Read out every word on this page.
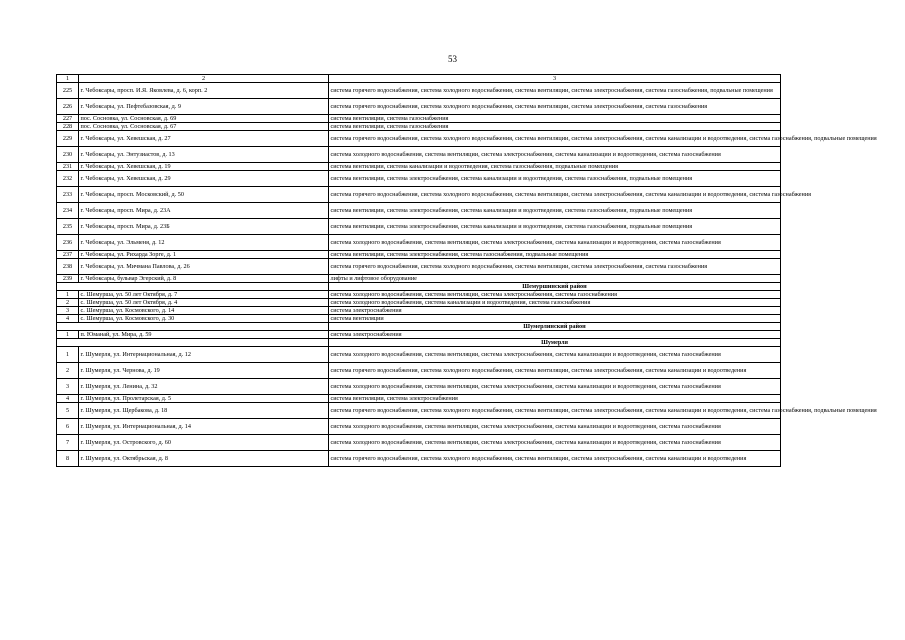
53
1	2	3
225	г. Чебоксары, просп. И.Я. Яковлева, д. 6, корп. 2	система горячего водоснабжения, система холодного водоснабжения, система вентиляции, система электроснабжения, система газоснабжения, подвальные помещения
226	г. Чебоксары, ул. Пефтебазовская, д. 9	система горячего водоснабжения, система холодного водоснабжения, система вентиляции, система электроснабжения, система газоснабжения
227	пос. Сосновка, ул. Сосновская, д. 69	система вентиляции, система газоснабжения
228	пос. Сосновка, ул. Сосновская, д. 67	система вентиляции, система газоснабжения
229	г. Чебоксары, ул. Хевешская, д. 27	система горячего водоснабжения, система холодного водоснабжения, система вентиляции, система электроснабжения, система канализации и водоотведения, система газоснабжения, подвальные помещения
230	г. Чебоксары, ул. Энтузиастов, д. 13	система холодного водоснабжения, система вентиляции, система электроснабжения, система канализации и водоотведения, система газоснабжения
231	г. Чебоксары, ул. Хевешская, д. 19	система вентиляции, система канализации и водоотведения, система газоснабжения, подвальные помещения
232	г. Чебоксары, ул. Хевешская, д. 29	система вентиляции, система электроснабжения, система канализации и водоотведения, система газоснабжения, подвальные помещения
233	г. Чебоксары, просп. Московский, д. 50	система горячего водоснабжения, система холодного водоснабжения, система вентиляции, система электроснабжения, система канализации и водоотведения, система газоснабжения
234	г. Чебоксары, просп. Мира, д. 23А	система вентиляции, система электроснабжения, система канализации и водоотведения, система газоснабжения, подвальные помещения
235	г. Чебоксары, просп. Мира, д. 23Б	система вентиляции, система электроснабжения, система канализации и водоотведения, система газоснабжения, подвальные помещения
236	г. Чебоксары, ул. Эльменя, д. 12	система холодного водоснабжения, система вентиляции, система электроснабжения, система канализации и водоотведения, система газоснабжения
237	г. Чебоксары, ул. Рихарда Зорге, д. 1	система вентиляции, система электроснабжения, система газоснабжения, подвальные помещения
238	г. Чебоксары, ул. Мичмана Павлова, д. 26	система горячего водоснабжения, система холодного водоснабжения, система вентиляции, система электроснабжения, система газоснабжения
239	г. Чебоксары, бульвар Эгерский, д. 8	лифты и лифтовое оборудование
		Шемуршинский район
1	с. Шемурша, ул. 50 лет Октября, д. 7	система холодного водоснабжения, система вентиляции, система электроснабжения, система газоснабжения
2	с. Шемурша, ул. 50 лет Октября, д. 4	система холодного водоснабжения, система канализации и водоотведения, система газоснабжения
3	с. Шемурша, ул. Космовского, д. 14	система электроснабжения
4	с. Шемурша, ул. Космовского, д. 30	система вентиляции
		Шумерлинский район
1	п. Юманай, ул. Мира, д. 59	система электроснабжения
		Шумерля
1	г. Шумерля, ул. Интернациональная, д. 12	система холодного водоснабжения, система вентиляции, система электроснабжения, система канализации и водоотведения, система газоснабжения
2	г. Шумерля, ул. Чернова, д. 19	система горячего водоснабжения, система холодного водоснабжения, система вентиляции, система электроснабжения, система канализации и водоотведения
3	г. Шумерля, ул. Ленина, д. 32	система холодного водоснабжения, система вентиляции, система электроснабжения, система канализации и водоотведения, система газоснабжения
4	г. Шумерля, ул. Пролетарская, д. 5	система вентиляции, система электроснабжения
5	г. Шумерля, ул. Щербакова, д. 18	система горячего водоснабжения, система холодного водоснабжения, система вентиляции, система электроснабжения, система канализации и водоотведения, система газоснабжения, подвальные помещения
6	г. Шумерля, ул. Интернациональная, д. 14	система холодного водоснабжения, система вентиляции, система электроснабжения, система канализации и водоотведения, система газоснабжения
7	г. Шумерля, ул. Островского, д. 60	система холодного водоснабжения, система вентиляции, система электроснабжения, система канализации и водоотведения, система газоснабжения
8	г. Шумерля, ул. Октябрьская, д. 8	система горячего водоснабжения, система холодного водоснабжения, система вентиляции, система электроснабжения, система канализации и водоотведения
